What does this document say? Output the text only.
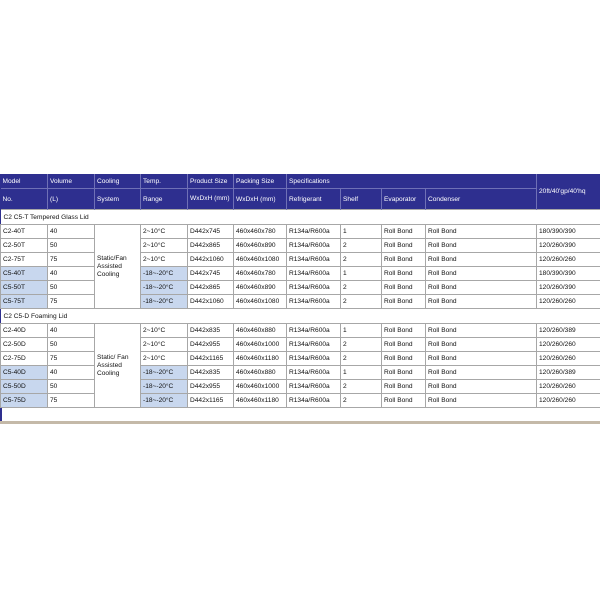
Model	Volume	Cooling	Temp.	Product Size	Packing Size	Specifications				20ft/40'gp/40'hq
No.	(L)	System	Range	WxDxH (mm)	WxDxH (mm)	Refrigerant	Shelf	Evaporator	Condenser	
C2 C5-T Tempered Glass Lid										
C2-40T	40	Static/Fan Assisted Cooling	2~10°C	D442x745	460x460x780	R134a/R600a	1	Roll Bond	Roll Bond	180/390/390
C2-50T	50		2~10°C	D442x865	460x460x890	R134a/R600a	2	Roll Bond	Roll Bond	120/260/390
C2-75T	75		2~10°C	D442x1060	460x460x1080	R134a/R600a	2	Roll Bond	Roll Bond	120/260/260
C5-40T	40		-18~-20°C	D442x745	460x460x780	R134a/R600a	1	Roll Bond	Roll Bond	180/390/390
C5-50T	50		-18~-20°C	D442x865	460x460x890	R134a/R600a	2	Roll Bond	Roll Bond	120/260/390
C5-75T	75		-18~-20°C	D442x1060	460x460x1080	R134a/R600a	2	Roll Bond	Roll Bond	120/260/260
C2 C5-D Foaming Lid										
C2-40D	40	Static/ Fan Assisted Cooling	2~10°C	D442x835	460x460x880	R134a/R600a	1	Roll Bond	Roll Bond	120/260/389
C2-50D	50		2~10°C	D442x955	460x460x1000	R134a/R600a	2	Roll Bond	Roll Bond	120/260/260
C2-75D	75		2~10°C	D442x1165	460x460x1180	R134a/R600a	2	Roll Bond	Roll Bond	120/260/260
C5-40D	40		-18~-20°C	D442x835	460x460x880	R134a/R600a	1	Roll Bond	Roll Bond	120/260/389
C5-50D	50		-18~-20°C	D442x955	460x460x1000	R134a/R600a	2	Roll Bond	Roll Bond	120/260/260
C5-75D	75		-18~-20°C	D442x1165	460x460x1180	R134a/R600a	2	Roll Bond	Roll Bond	120/260/260
